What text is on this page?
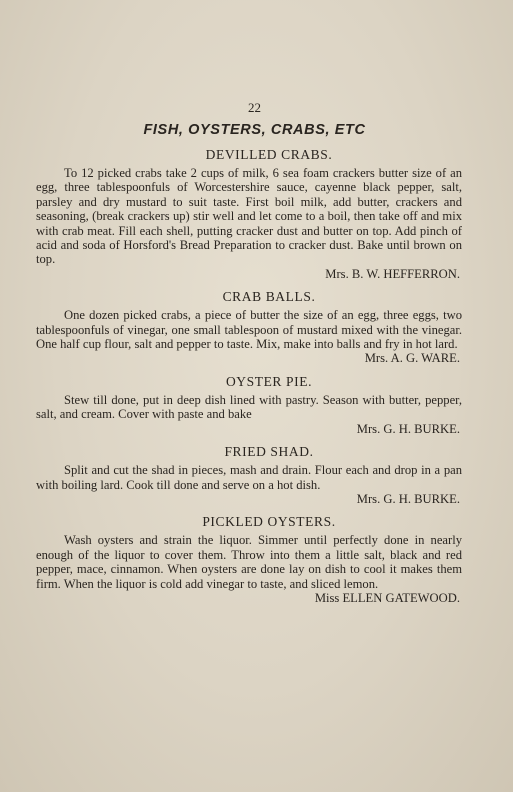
22
FISH, OYSTERS, CRABS, ETC
DEVILLED CRABS.

To 12 picked crabs take 2 cups of milk, 6 sea foam crackers butter size of an egg, three tablespoonfuls of Worcestershire sauce, cayenne black pepper, salt, parsley and dry mustard to suit taste. First boil milk, add butter, crackers and seasoning, (break crackers up) stir well and let come to a boil, then take off and mix with crab meat. Fill each shell, putting cracker dust and butter on top. Add pinch of acid and soda of Horsford's Bread Preparation to cracker dust. Bake until brown on top.

Mrs. B. W. HEFFERRON.
CRAB BALLS.

One dozen picked crabs, a piece of butter the size of an egg, three eggs, two tablespoonfuls of vinegar, one small tablespoon of mustard mixed with the vinegar. One half cup flour, salt and pepper to taste. Mix, make into balls and fry in hot lard.

Mrs. A. G. WARE.
OYSTER PIE.

Stew till done, put in deep dish lined with pastry. Season with butter, pepper, salt, and cream. Cover with paste and bake

Mrs. G. H. BURKE.
FRIED SHAD.

Split and cut the shad in pieces, mash and drain. Flour each and drop in a pan with boiling lard. Cook till done and serve on a hot dish.

Mrs. G. H. BURKE.
PICKLED OYSTERS.

Wash oysters and strain the liquor. Simmer until perfectly done in nearly enough of the liquor to cover them. Throw into them a little salt, black and red pepper, mace, cinnamon. When oysters are done lay on dish to cool it makes them firm. When the liquor is cold add vinegar to taste, and sliced lemon.

Miss ELLEN GATEWOOD.
